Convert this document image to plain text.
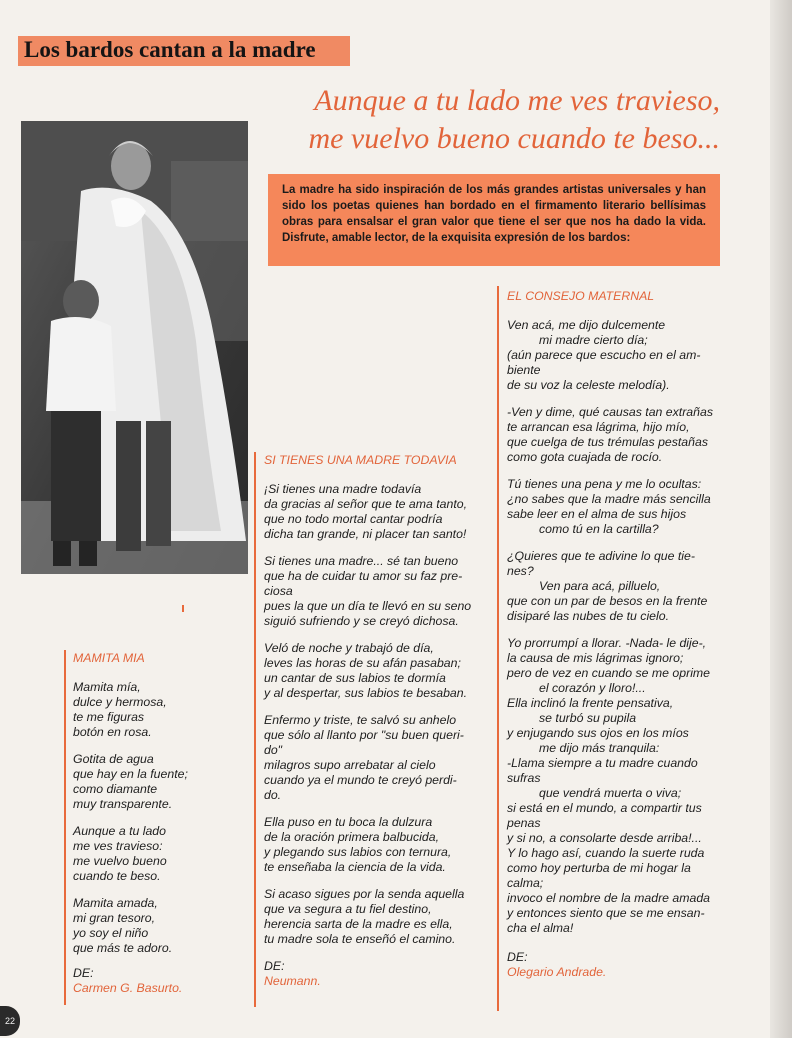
Los bardos cantan a la madre
Aunque a tu lado me ves travieso,
me vuelvo bueno cuando te beso...
La madre ha sido inspiración de los más grandes artistas universales y han sido los poetas quienes han bordado en el firmamento literario bellísimas obras para ensalsar el gran valor que tiene el ser que nos ha dado la vida. Disfrute, amable lector, de la exquisita expresión de los bardos:
MAMITA MIA
Mamita mía,
dulce y hermosa,
te me figuras
botón en rosa.
Gotita de agua
que hay en la fuente;
como diamante
muy transparente.
Aunque a tu lado
me ves travieso:
me vuelvo bueno
cuando te beso.
Mamita amada,
mi gran tesoro,
yo soy el niño
que más te adoro.
DE:
Carmen G. Basurto.
SI TIENES UNA MADRE TODAVIA
¡Si tienes una madre todavía
da gracias al señor que te ama tanto,
que no todo mortal cantar podría
dicha tan grande, ni placer tan santo!
Si tienes una madre... sé tan bueno
que ha de cuidar tu amor su faz pre-
ciosa
pues la que un día te llevó en su seno
siguió sufriendo y se creyó dichosa.
Veló de noche y trabajó de día,
leves las horas de su afán pasaban;
un cantar de sus labios te dormía
y al despertar, sus labios te besaban.
Enfermo y triste, te salvó su anhelo
que sólo al llanto por "su buen queri-
do"
milagros supo arrebatar al cielo
cuando ya el mundo te creyó perdi-
do.
Ella puso en tu boca la dulzura
de la oración primera balbucida,
y plegando sus labios con ternura,
te enseñaba la ciencia de la vida.
Si acaso sigues por la senda aquella
que va segura a tu fiel destino,
herencia sarta de la madre es ella,
tu madre sola te enseñó el camino.
DE:
Neumann.
EL CONSEJO MATERNAL
Ven acá, me dijo dulcemente
mi madre cierto día;
(aún parece que escucho en el am-
biente
de su voz la celeste melodía).
-Ven y dime, qué causas tan extrañas
te arrancan esa lágrima, hijo mío,
que cuelga de tus trémulas pestañas
como gota cuajada de rocío.
Tú tienes una pena y me lo ocultas:
¿no sabes que la madre más sencilla
sabe leer en el alma de sus hijos
como tú en la cartilla?
¿Quieres que te adivine lo que tie-
nes?
Ven para acá, pilluelo,
que con un par de besos en la frente
disiparé las nubes de tu cielo.
Yo prorrumpí a llorar. -Nada- le dije-,
la causa de mis lágrimas ignoro;
pero de vez en cuando se me oprime
el corazón y lloro!...
Ella inclinó la frente pensativa,
se turbó su pupila
y enjugando sus ojos en los míos
me dijo más tranquila:
-Llama siempre a tu madre cuando
sufras
que vendrá muerta o viva;
si está en el mundo, a compartir tus
penas
y si no, a consolarte desde arriba!...
Y lo hago así, cuando la suerte ruda
como hoy perturba de mi hogar la
calma;
invoco el nombre de la madre amada
y entonces siento que se me ensan-
cha el alma!
DE:
Olegario Andrade.
22
